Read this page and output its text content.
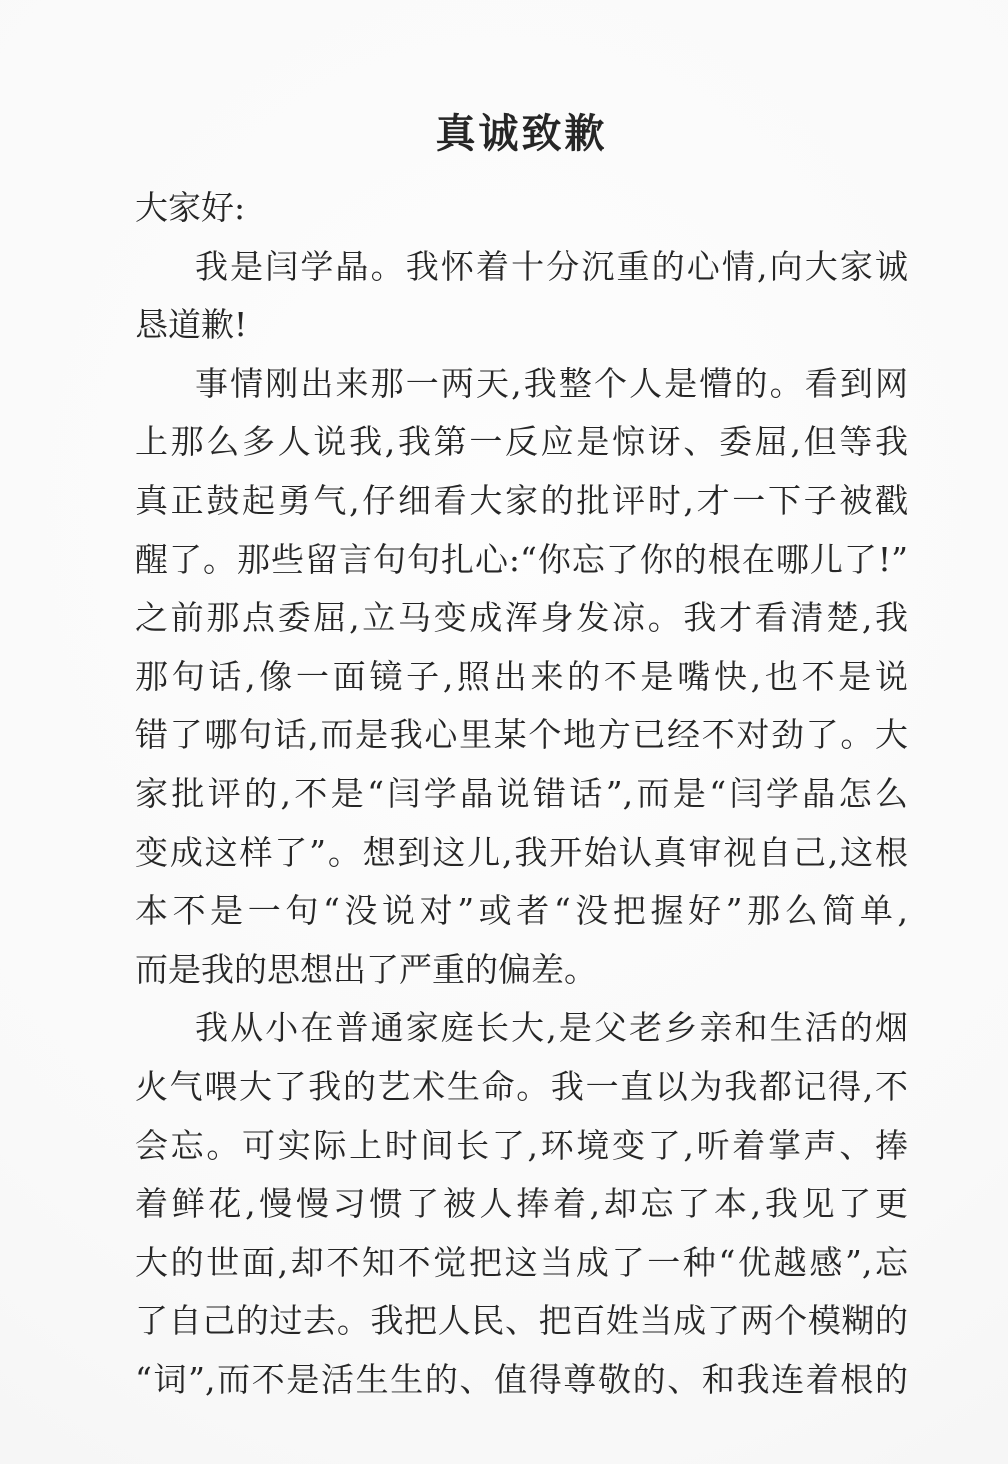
真诚致歉
大家好:
我是闫学晶。我怀着十分沉重的心情,向大家诚
恳道歉!
事情刚出来那一两天,我整个人是懵的。看到网
上那么多人说我,我第一反应是惊讶、委屈,但等我
真正鼓起勇气,仔细看大家的批评时,才一下子被戳
醒了。那些留言句句扎心:“你忘了你的根在哪儿了!”
之前那点委屈,立马变成浑身发凉。我才看清楚,我
那句话,像一面镜子,照出来的不是嘴快,也不是说
错了哪句话,而是我心里某个地方已经不对劲了。大
家批评的,不是“闫学晶说错话”,而是“闫学晶怎么
变成这样了”。想到这儿,我开始认真审视自己,这根
本不是一句“没说对”或者“没把握好”那么简单,
而是我的思想出了严重的偏差。
我从小在普通家庭长大,是父老乡亲和生活的烟
火气喂大了我的艺术生命。我一直以为我都记得,不
会忘。可实际上时间长了,环境变了,听着掌声、捧
着鲜花,慢慢习惯了被人捧着,却忘了本,我见了更
大的世面,却不知不觉把这当成了一种“优越感”,忘
了自己的过去。我把人民、把百姓当成了两个模糊的
“词”,而不是活生生的、值得尊敬的、和我连着根的
